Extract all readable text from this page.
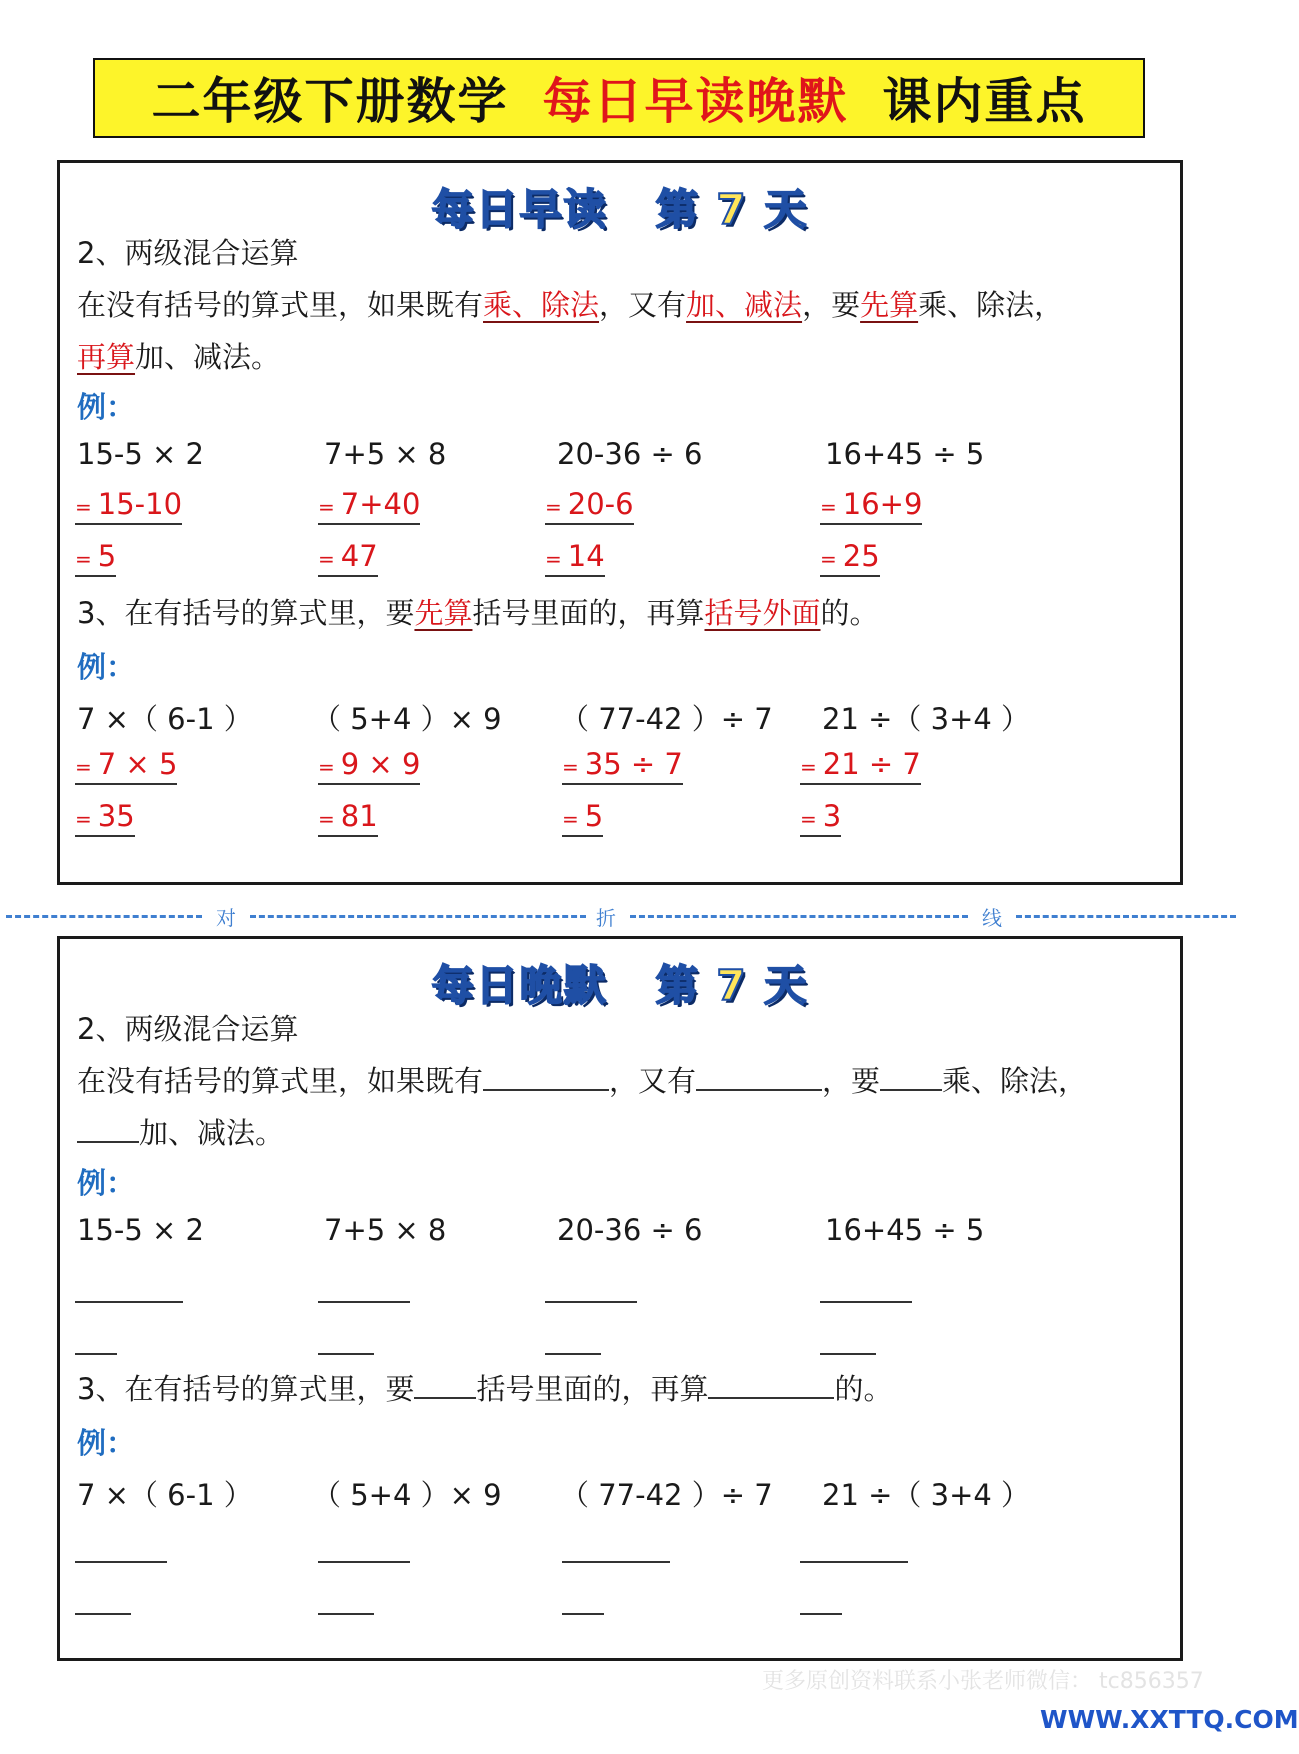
二年级下册数学 每日早读晚默 课内重点
每日早读 第 7 天
2、两级混合运算
在没有括号的算式里，如果既有乘、除法，又有加、减法，要先算乘、除法，
再算加、减法。
例：
15-5 × 2	7+5 × 8	20-36 ÷ 6	16+45 ÷ 5
= 15-10	= 7+40	= 20-6	= 16+9
= 5	= 47	= 14	= 25
3、在有括号的算式里，要先算括号里面的，再算括号外面的。
例：
7 ×（ 6-1 ） （ 5+4 ）× 9 （ 77-42 ）÷ 7 21 ÷（ 3+4 ）
= 7 × 5	= 9 × 9	= 35 ÷ 7	= 21 ÷ 7
= 35	= 81	= 5	= 3
对	折	线
每日晚默 第 7 天
2、两级混合运算
在没有括号的算式里，如果既有	，又有	，要 乘、除法，
加、减法。
例：
15-5 × 2	7+5 × 8	20-36 ÷ 6	16+45 ÷ 5
3、在有括号的算式里，要 括号里面的，再算	的。
例：
7 ×（ 6-1 ） （ 5+4 ）× 9 （ 77-42 ）÷ 7 21 ÷（ 3+4 ）
更多原创资料联系小张老师微信： tc856357
WWW.XXTTQ.COM
